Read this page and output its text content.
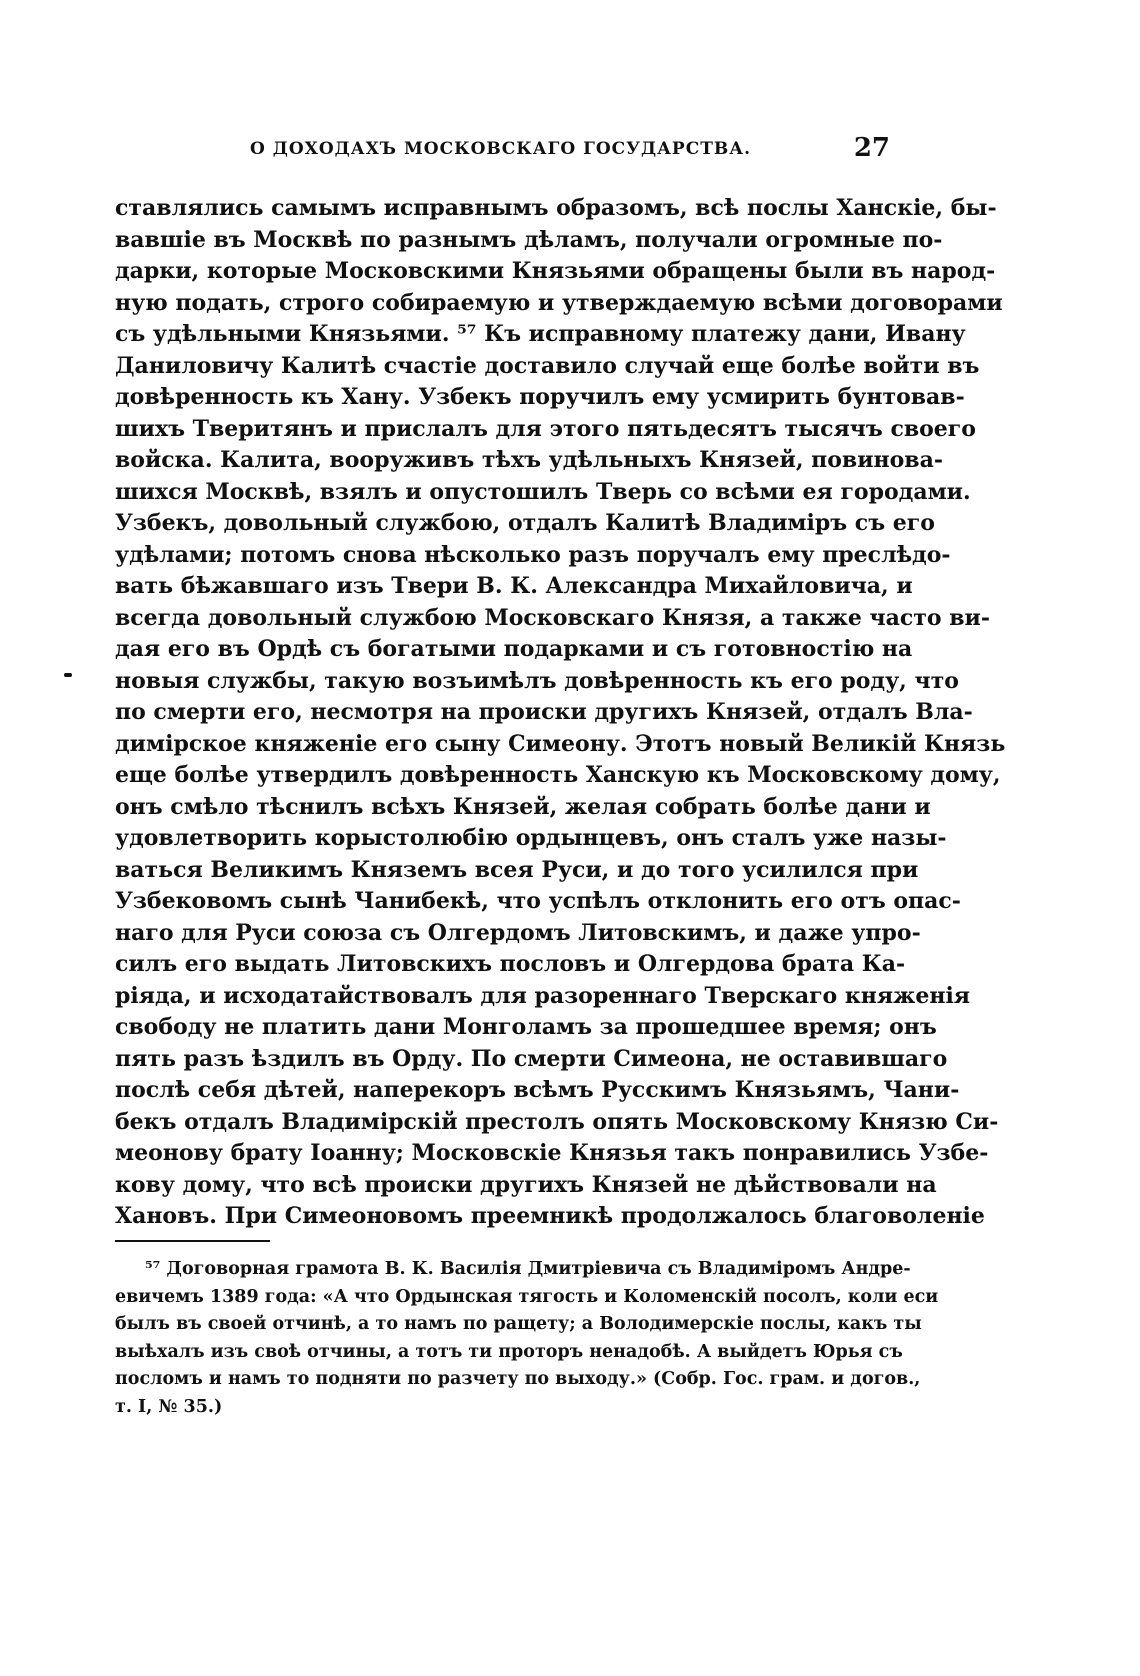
О ДОХОДАХЪ МОСКОВСКАГО ГОСУДАРСТВА.	27
ставлялись самымъ исправнымъ образомъ, всѣ послы Ханскіе, бы-
вавшіе въ Москвѣ по разнымъ дѣламъ, получали огромные по-
дарки, которые Московскими Князьями обращены были въ народ-
ную подать, строго собираемую и утверждаемую всѣми договорами
съ удѣльными Князьями. ⁵⁷ Къ исправному платежу дани, Ивану
Даниловичу Калитѣ счастіе доставило случай еще болѣе войти въ
довѣренность къ Хану. Узбекъ поручилъ ему усмирить бунтовав-
шихъ Тверитянъ и прислалъ для этого пятьдесятъ тысячъ своего
войска. Калита, вооруживъ тѣхъ удѣльныхъ Князей, повинова-
шихся Москвѣ, взялъ и опустошилъ Тверь со всѣми ея городами.
Узбекъ, довольный службою, отдалъ Калитѣ Владиміръ съ его
удѣлами; потомъ снова нѣсколько разъ поручалъ ему преслѣдо-
вать бѣжавшаго изъ Твери В. К. Александра Михайловича, и
всегда довольный службою Московскаго Князя, а также часто ви-
дая его въ Ордѣ съ богатыми подарками и съ готовностію на
новыя службы, такую возъимѣлъ довѣренность къ его роду, что
по смерти его, несмотря на происки другихъ Князей, отдалъ Вла-
димірское княженіе его сыну Симеону. Этотъ новый Великій Князь
еще болѣе утвердилъ довѣренность Ханскую къ Московскому дому,
онъ смѣло тѣснилъ всѣхъ Князей, желая собрать болѣе дани и
удовлетворить корыстолюбію ордынцевъ, онъ сталъ уже назы-
ваться Великимъ Княземъ всея Руси, и до того усилился при
Узбековомъ сынѣ Чанибекѣ, что успѣлъ отклонить его отъ опас-
наго для Руси союза съ Олгердомъ Литовскимъ, и даже упро-
силъ его выдать Литовскихъ пословъ и Олгердова брата Ка-
ріяда, и исходатайствовалъ для разореннаго Тверскаго княженія
свободу не платить дани Монголамъ за прошедшее время; онъ
пять разъ ѣздилъ въ Орду. По смерти Симеона, не оставившаго
послѣ себя дѣтей, наперекоръ всѣмъ Русскимъ Князьямъ, Чани-
бекъ отдалъ Владимірскій престолъ опять Московскому Князю Си-
меонову брату Іоанну; Московскіе Князья такъ понравились Узбе-
кову дому, что всѣ происки другихъ Князей не дѣйствовали на
Хановъ. При Симеоновомъ преемникѣ продолжалось благоволеніе
⁵⁷ Договорная грамота В. К. Василія Дмитріевича съ Владиміромъ Андре-
евичемъ 1389 года: «А что Ордынская тягость и Коломенскій посолъ, коли еси
былъ въ своей отчинѣ, а то намъ по ращету; а Володимерскіе послы, какъ ты
выѣхалъ изъ своѣ отчины, а тотъ ти проторъ ненадобѣ. А выйдетъ Юрья съ
посломъ и намъ то подняти по разчету по выходу.» (Собр. Гос. грам. и догов.,
т. I, № 35.)
